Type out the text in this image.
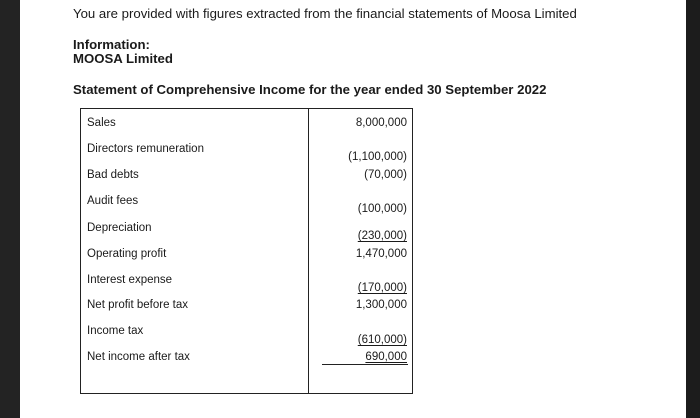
You are provided with figures extracted from the financial statements of Moosa Limited
Information:
MOOSA Limited
Statement of Comprehensive Income for the year ended 30 September 2022
Sales
Directors remuneration
Bad debts
Audit fees
Depreciation
Operating profit
Interest expense
Net profit before tax
Income tax
Net income after tax
8,000,000
(1,100,000)
(70,000)
(100,000)
(230,000)
1,470,000
(170,000)
1,300,000
(610,000)
690,000
